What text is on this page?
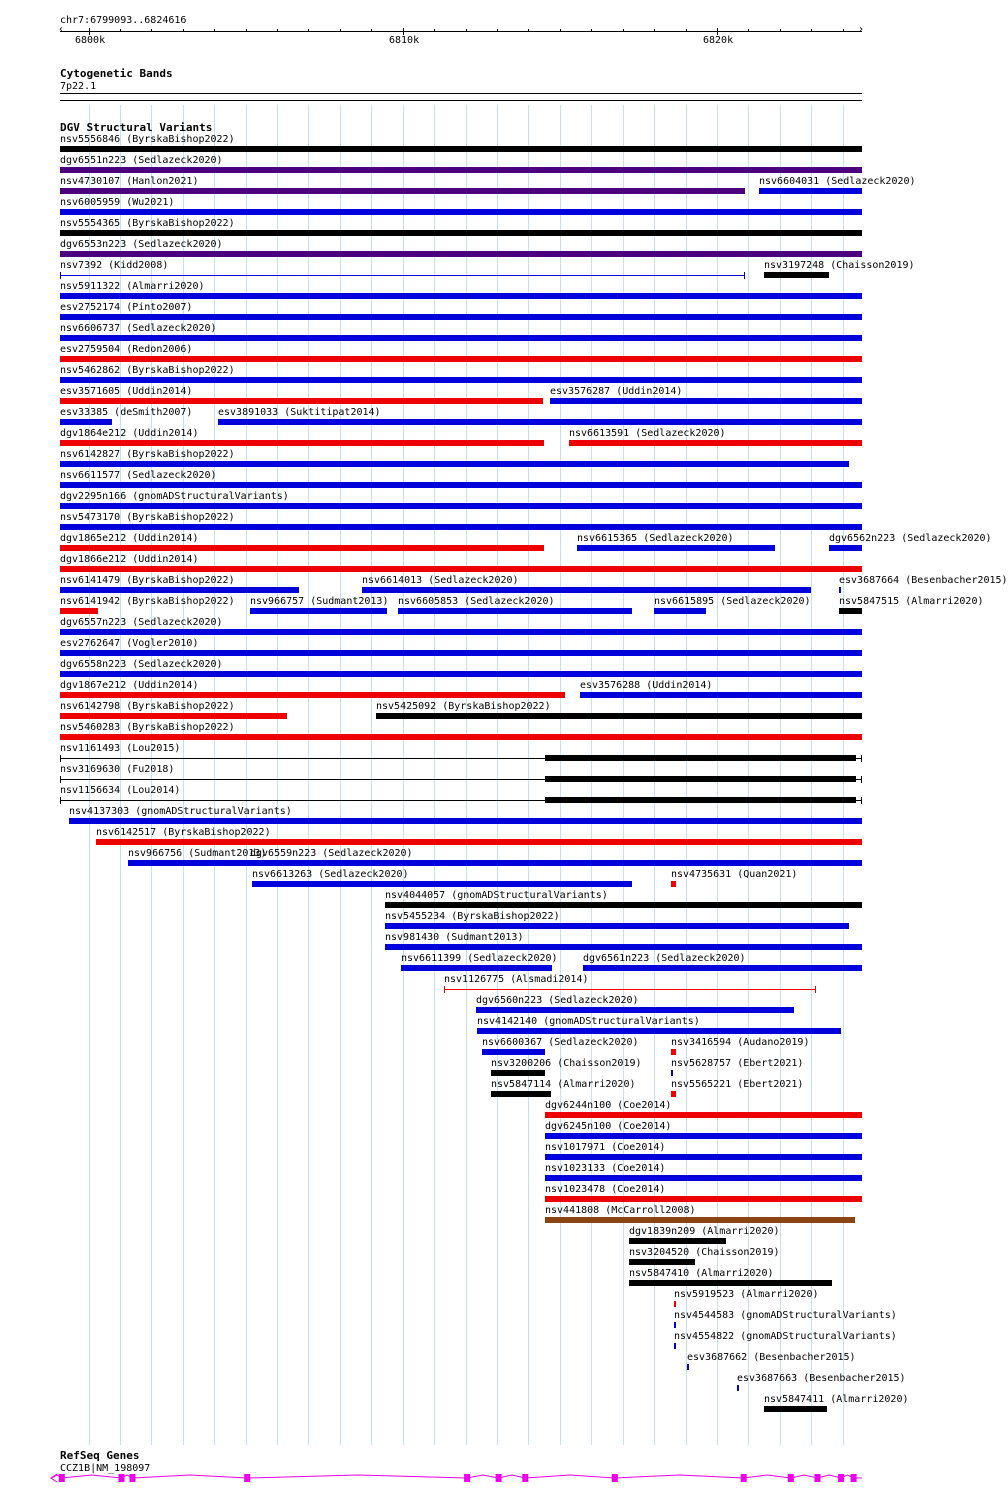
chr7:6799093..6824616
6800k	6810k	6820k
‹	›
Cytogenetic Bands
7p22.1
DGV Structural Variants
nsv5556846 (ByrskaBishop2022)
dgv6551n223 (Sedlazeck2020)
nsv4730107 (Hanlon2021)	nsv6604031 (Sedlazeck2020)
nsv6005959 (Wu2021)
nsv5554365 (ByrskaBishop2022)
dgv6553n223 (Sedlazeck2020)
nsv7392 (Kidd2008)	nsv3197248 (Chaisson2019)
nsv5911322 (Almarri2020)
esv2752174 (Pinto2007)
nsv6606737 (Sedlazeck2020)
esv2759504 (Redon2006)
nsv5462862 (ByrskaBishop2022)
esv3571605 (Uddin2014)	esv3576287 (Uddin2014)
esv33385 (deSmith2007)	esv3891033 (Suktitipat2014)
dgv1864e212 (Uddin2014)	nsv6613591 (Sedlazeck2020)
nsv6142827 (ByrskaBishop2022)
nsv6611577 (Sedlazeck2020)
dgv2295n166 (gnomADStructuralVariants)
nsv5473170 (ByrskaBishop2022)
dgv1865e212 (Uddin2014)	nsv6615365 (Sedlazeck2020)	dgv6562n223 (Sedlazeck2020)
dgv1866e212 (Uddin2014)
nsv6141479 (ByrskaBishop2022)	nsv6614013 (Sedlazeck2020)	esv3687664 (Besenbacher2015)
nsv6141942 (ByrskaBishop2022) nsv966757 (Sudmant2013) nsv6605853 (Sedlazeck2020)	nsv6615895 (Sedlazeck2020)	nsv5847515 (Almarri2020)
dgv6557n223 (Sedlazeck2020)
esv2762647 (Vogler2010)
dgv6558n223 (Sedlazeck2020)
dgv1867e212 (Uddin2014)	esv3576288 (Uddin2014)
nsv6142798 (ByrskaBishop2022)	nsv5425092 (ByrskaBishop2022)
nsv5460283 (ByrskaBishop2022)
nsv1161493 (Lou2015)
nsv3169630 (Fu2018)
nsv1156634 (Lou2014)
nsv4137303 (gnomADStructuralVariants)
nsv6142517 (ByrskaBishop2022)
nsv966756 (Sudmant2013)
dgv6559n223 (Sedlazeck2020)
nsv6613263 (Sedlazeck2020)	nsv4735631 (Quan2021)
nsv4044057 (gnomADStructuralVariants)
nsv5455234 (ByrskaBishop2022)
nsv981430 (Sudmant2013)
nsv6611399 (Sedlazeck2020)	dgv6561n223 (Sedlazeck2020)
nsv1126775 (Alsmadi2014)
dgv6560n223 (Sedlazeck2020)
nsv4142140 (gnomADStructuralVariants)
nsv6600367 (Sedlazeck2020)	nsv3416594 (Audano2019)
nsv3200206 (Chaisson2019)	nsv5628757 (Ebert2021)
nsv5847114 (Almarri2020)	nsv5565221 (Ebert2021)
dgv6244n100 (Coe2014)
dgv6245n100 (Coe2014)
nsv1017971 (Coe2014)
nsv1023133 (Coe2014)
nsv1023478 (Coe2014)
nsv441808 (McCarroll2008)
dgv1839n209 (Almarri2020)
nsv3204520 (Chaisson2019)
nsv5847410 (Almarri2020)
nsv5919523 (Almarri2020)
nsv4544583 (gnomADStructuralVariants)
nsv4554822 (gnomADStructuralVariants)
esv3687662 (Besenbacher2015)
esv3687663 (Besenbacher2015)
nsv5847411 (Almarri2020)
RefSeq Genes
CCZ1B|NM_198097
